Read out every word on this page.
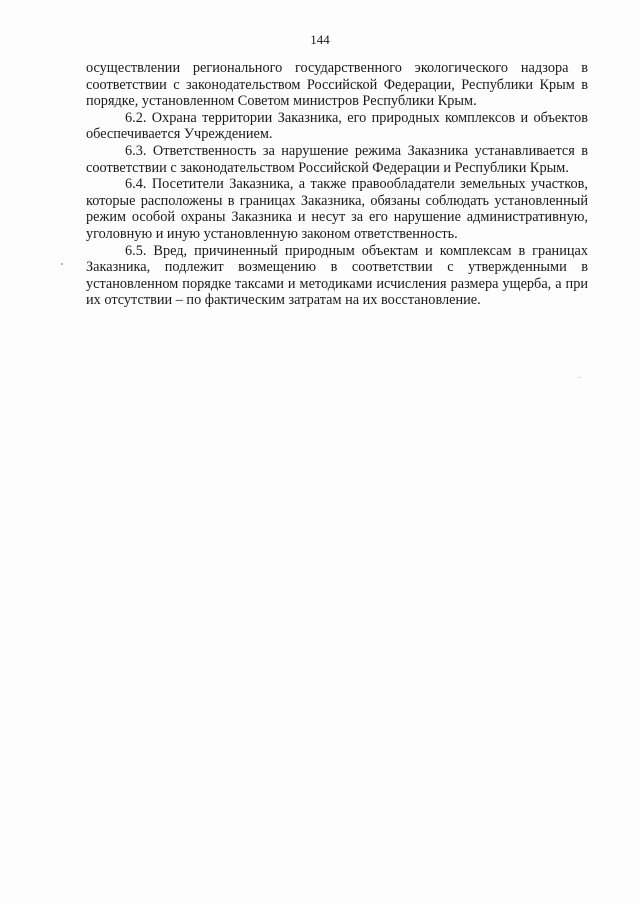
144

осуществлении регионального государственного экологического надзора в соответствии с законодательством Российской Федерации, Республики Крым в порядке, установленном Советом министров Республики Крым.

6.2. Охрана территории Заказника, его природных комплексов и объектов обеспечивается Учреждением.

6.3. Ответственность за нарушение режима Заказника устанавливается в соответствии с законодательством Российской Федерации и Республики Крым.

6.4. Посетители Заказника, а также правообладатели земельных участков, которые расположены в границах Заказника, обязаны соблюдать установленный режим особой охраны Заказника и несут за его нарушение административную, уголовную и иную установленную законом ответственность.

6.5. Вред, причиненный природным объектам и комплексам в границах Заказника, подлежит возмещению в соответствии с утвержденными в установленном порядке таксами и методиками исчисления размера ущерба, а при их отсутствии – по фактическим затратам на их восстановление.
